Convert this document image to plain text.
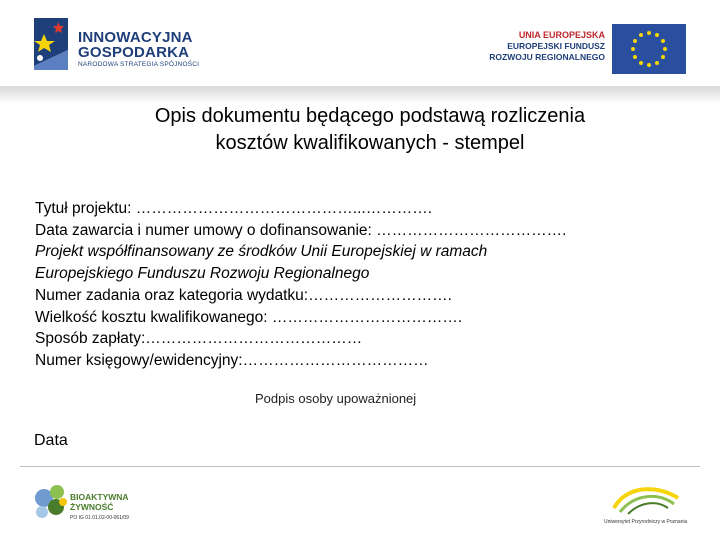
INNOWACYJNA
GOSPODARKA
NARODOWA STRATEGIA SPÓJNOŚCI
UNIA EUROPEJSKA
EUROPEJSKI FUNDUSZ
ROZWOJU REGIONALNEGO
Opis dokumentu będącego podstawą rozliczenia
kosztów kwalifikowanych - stempel
Tytuł projektu: ……………………………………...………….
Data zawarcia i numer umowy o dofinansowanie: ……………………………….
Projekt współfinansowany ze środków Unii Europejskiej w ramach
Europejskiego Funduszu Rozwoju Regionalnego
Numer zadania oraz kategoria wydatku:……………………….
Wielkość kosztu kwalifikowanego: ……………………………….
Sposób zapłaty:……………………………………
Numer księgowy/ewidencyjny:………………………………
Podpis osoby upoważnionej
Data
BIOAKTYWNA
ŻYWNOŚĆ
PO IG 01.01.02-00-061/09
Uniwersytet Przyrodniczy w Poznaniu
